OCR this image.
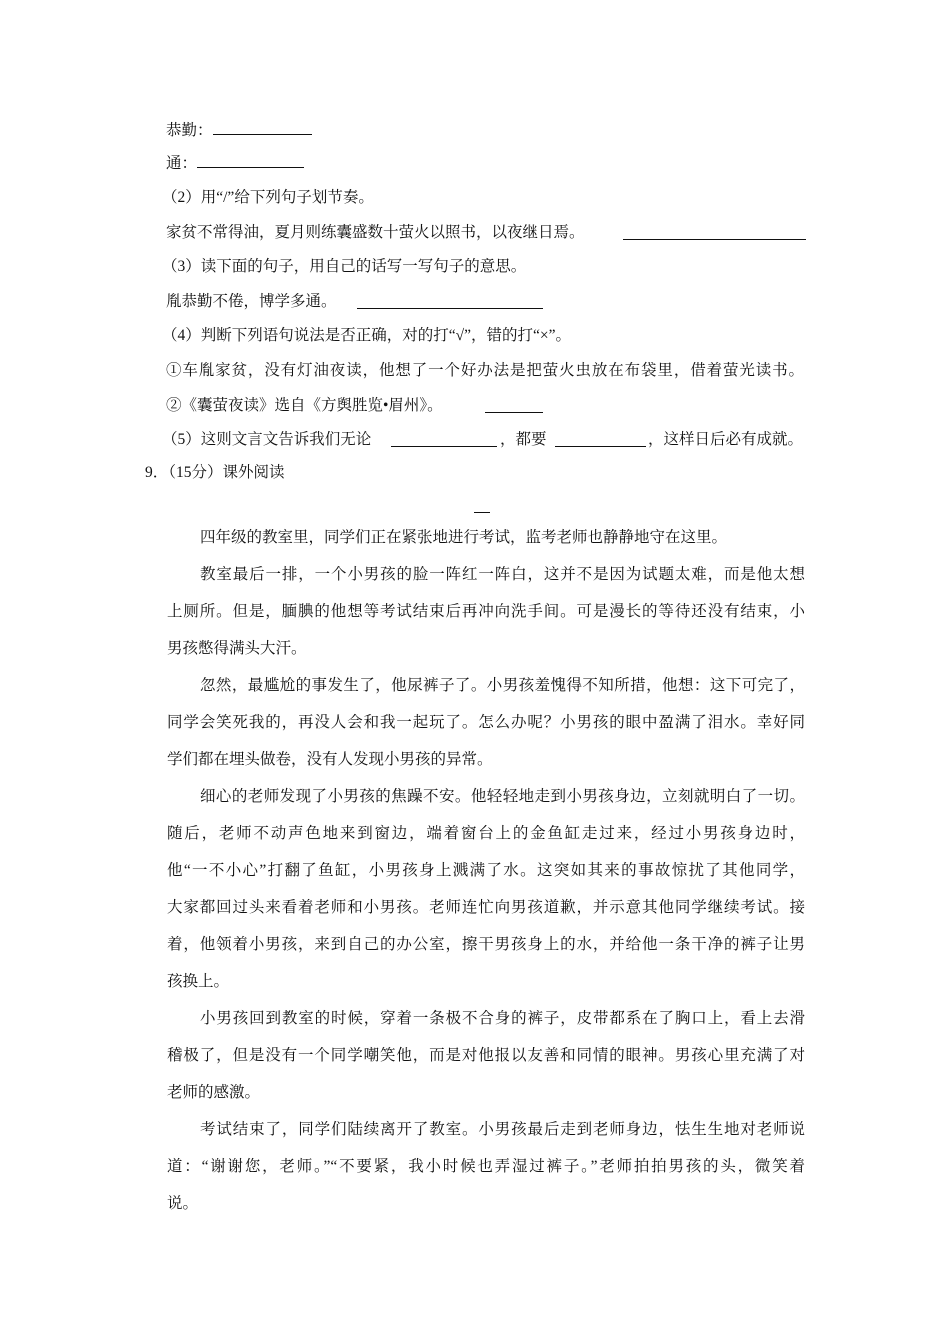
恭勤：
通：
（2）用“/”给下列句子划节奏。
家贫不常得油，夏月则练囊盛数十萤火以照书，以夜继日焉。
（3）读下面的句子，用自己的话写一写句子的意思。
胤恭勤不倦，博学多通。
（4）判断下列语句说法是否正确，对的打“√”，错的打“×”。
①车胤家贫，没有灯油夜读，他想了一个好办法是把萤火虫放在布袋里，借着萤光读书。
②《囊萤夜读》选自《方舆胜览•眉州》。
（5）这则文言文告诉我们无论	，都要	，这样日后必有成就。
9．（15分）课外阅读
四年级的教室里，同学们正在紧张地进行考试，监考老师也静静地守在这里。
教室最后一排，一个小男孩的脸一阵红一阵白，这并不是因为试题太难，而是他太想
上厕所。但是，腼腆的他想等考试结束后再冲向洗手间。可是漫长的等待还没有结束，小
男孩憋得满头大汗。
忽然，最尴尬的事发生了，他尿裤子了。小男孩羞愧得不知所措，他想：这下可完了，
同学会笑死我的，再没人会和我一起玩了。怎么办呢？小男孩的眼中盈满了泪水。幸好同
学们都在埋头做卷，没有人发现小男孩的异常。
细心的老师发现了小男孩的焦躁不安。他轻轻地走到小男孩身边，立刻就明白了一切。
随后，老师不动声色地来到窗边，端着窗台上的金鱼缸走过来，经过小男孩身边时，
他“一不小心”打翻了鱼缸，小男孩身上溅满了水。这突如其来的事故惊扰了其他同学，
大家都回过头来看着老师和小男孩。老师连忙向男孩道歉，并示意其他同学继续考试。接
着，他领着小男孩，来到自己的办公室，擦干男孩身上的水，并给他一条干净的裤子让男
孩换上。
小男孩回到教室的时候，穿着一条极不合身的裤子，皮带都系在了胸口上，看上去滑
稽极了，但是没有一个同学嘲笑他，而是对他报以友善和同情的眼神。男孩心里充满了对
老师的感激。
考试结束了，同学们陆续离开了教室。小男孩最后走到老师身边，怯生生地对老师说
道：“谢谢您，老师。”“不要紧，我小时候也弄湿过裤子。”老师拍拍男孩的头，微笑着
说。
